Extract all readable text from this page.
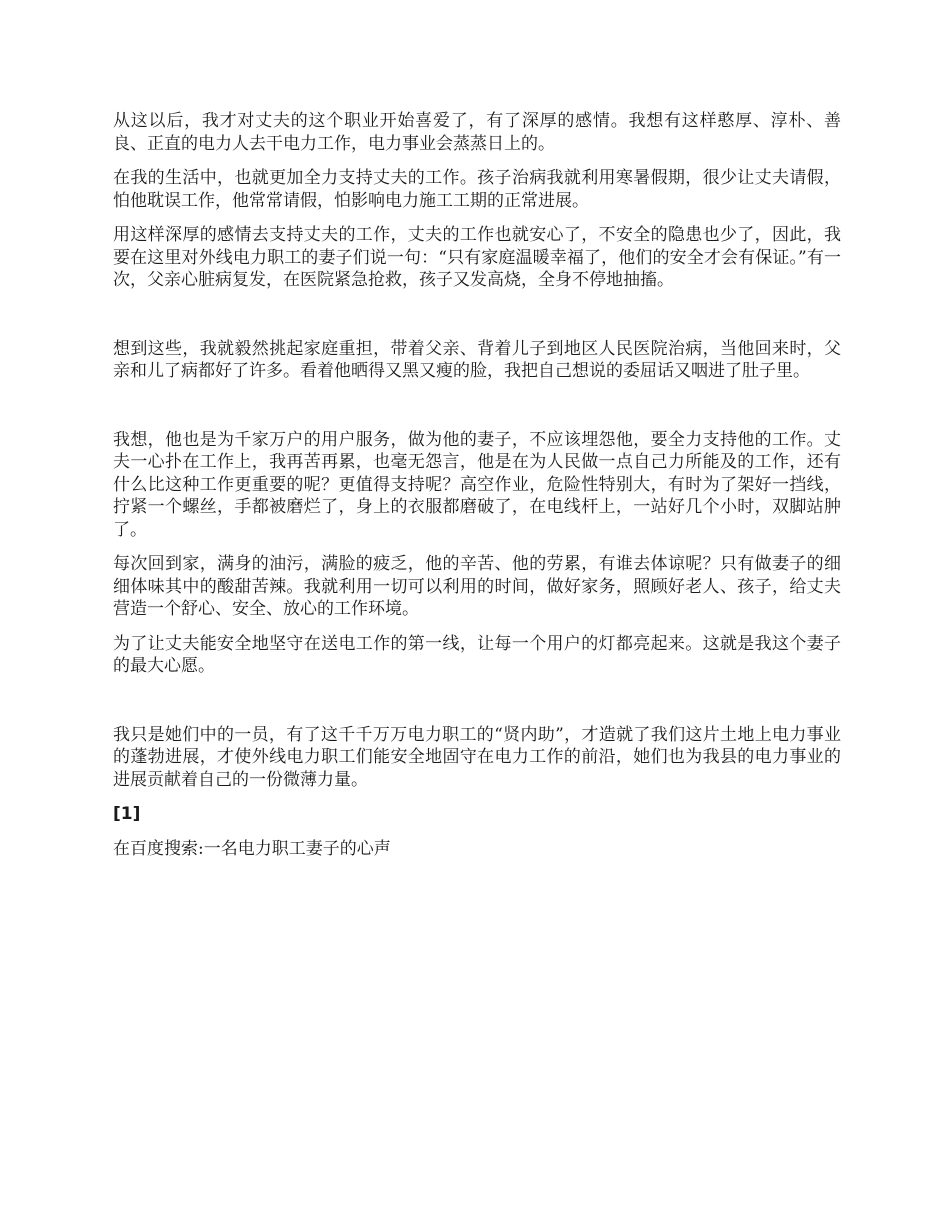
从这以后，我才对丈夫的这个职业开始喜爱了，有了深厚的感情。我想有这样憨厚、淳朴、善良、正直的电力人去干电力工作，电力事业会蒸蒸日上的。

在我的生活中，也就更加全力支持丈夫的工作。孩子治病我就利用寒暑假期，很少让丈夫请假，怕他耽误工作，他常常请假，怕影响电力施工工期的正常进展。

用这样深厚的感情去支持丈夫的工作，丈夫的工作也就安心了，不安全的隐患也少了，因此，我要在这里对外线电力职工的妻子们说一句：“只有家庭温暖幸福了，他们的安全才会有保证。”有一次，父亲心脏病复发，在医院紧急抢救，孩子又发高烧，全身不停地抽搐。

想到这些，我就毅然挑起家庭重担，带着父亲、背着儿子到地区人民医院治病，当他回来时，父亲和儿了病都好了许多。看着他晒得又黑又瘦的脸，我把自己想说的委屈话又咽进了肚子里。

我想，他也是为千家万户的用户服务，做为他的妻子，不应该埋怨他，要全力支持他的工作。丈夫一心扑在工作上，我再苦再累，也毫无怨言，他是在为人民做一点自己力所能及的工作，还有什么比这种工作更重要的呢？更值得支持呢？高空作业，危险性特别大，有时为了架好一挡线，拧紧一个螺丝，手都被磨烂了，身上的衣服都磨破了，在电线杆上，一站好几个小时，双脚站肿了。

每次回到家，满身的油污，满脸的疲乏，他的辛苦、他的劳累，有谁去体谅呢？只有做妻子的细细体味其中的酸甜苦辣。我就利用一切可以利用的时间，做好家务，照顾好老人、孩子，给丈夫营造一个舒心、安全、放心的工作环境。

为了让丈夫能安全地坚守在送电工作的第一线，让每一个用户的灯都亮起来。这就是我这个妻子的最大心愿。

我只是她们中的一员，有了这千千万万电力职工的“贤内助”，才造就了我们这片土地上电力事业的蓬勃进展，才使外线电力职工们能安全地固守在电力工作的前沿，她们也为我县的电力事业的进展贡献着自己的一份微薄力量。

[1]

在百度搜索:一名电力职工妻子的心声
